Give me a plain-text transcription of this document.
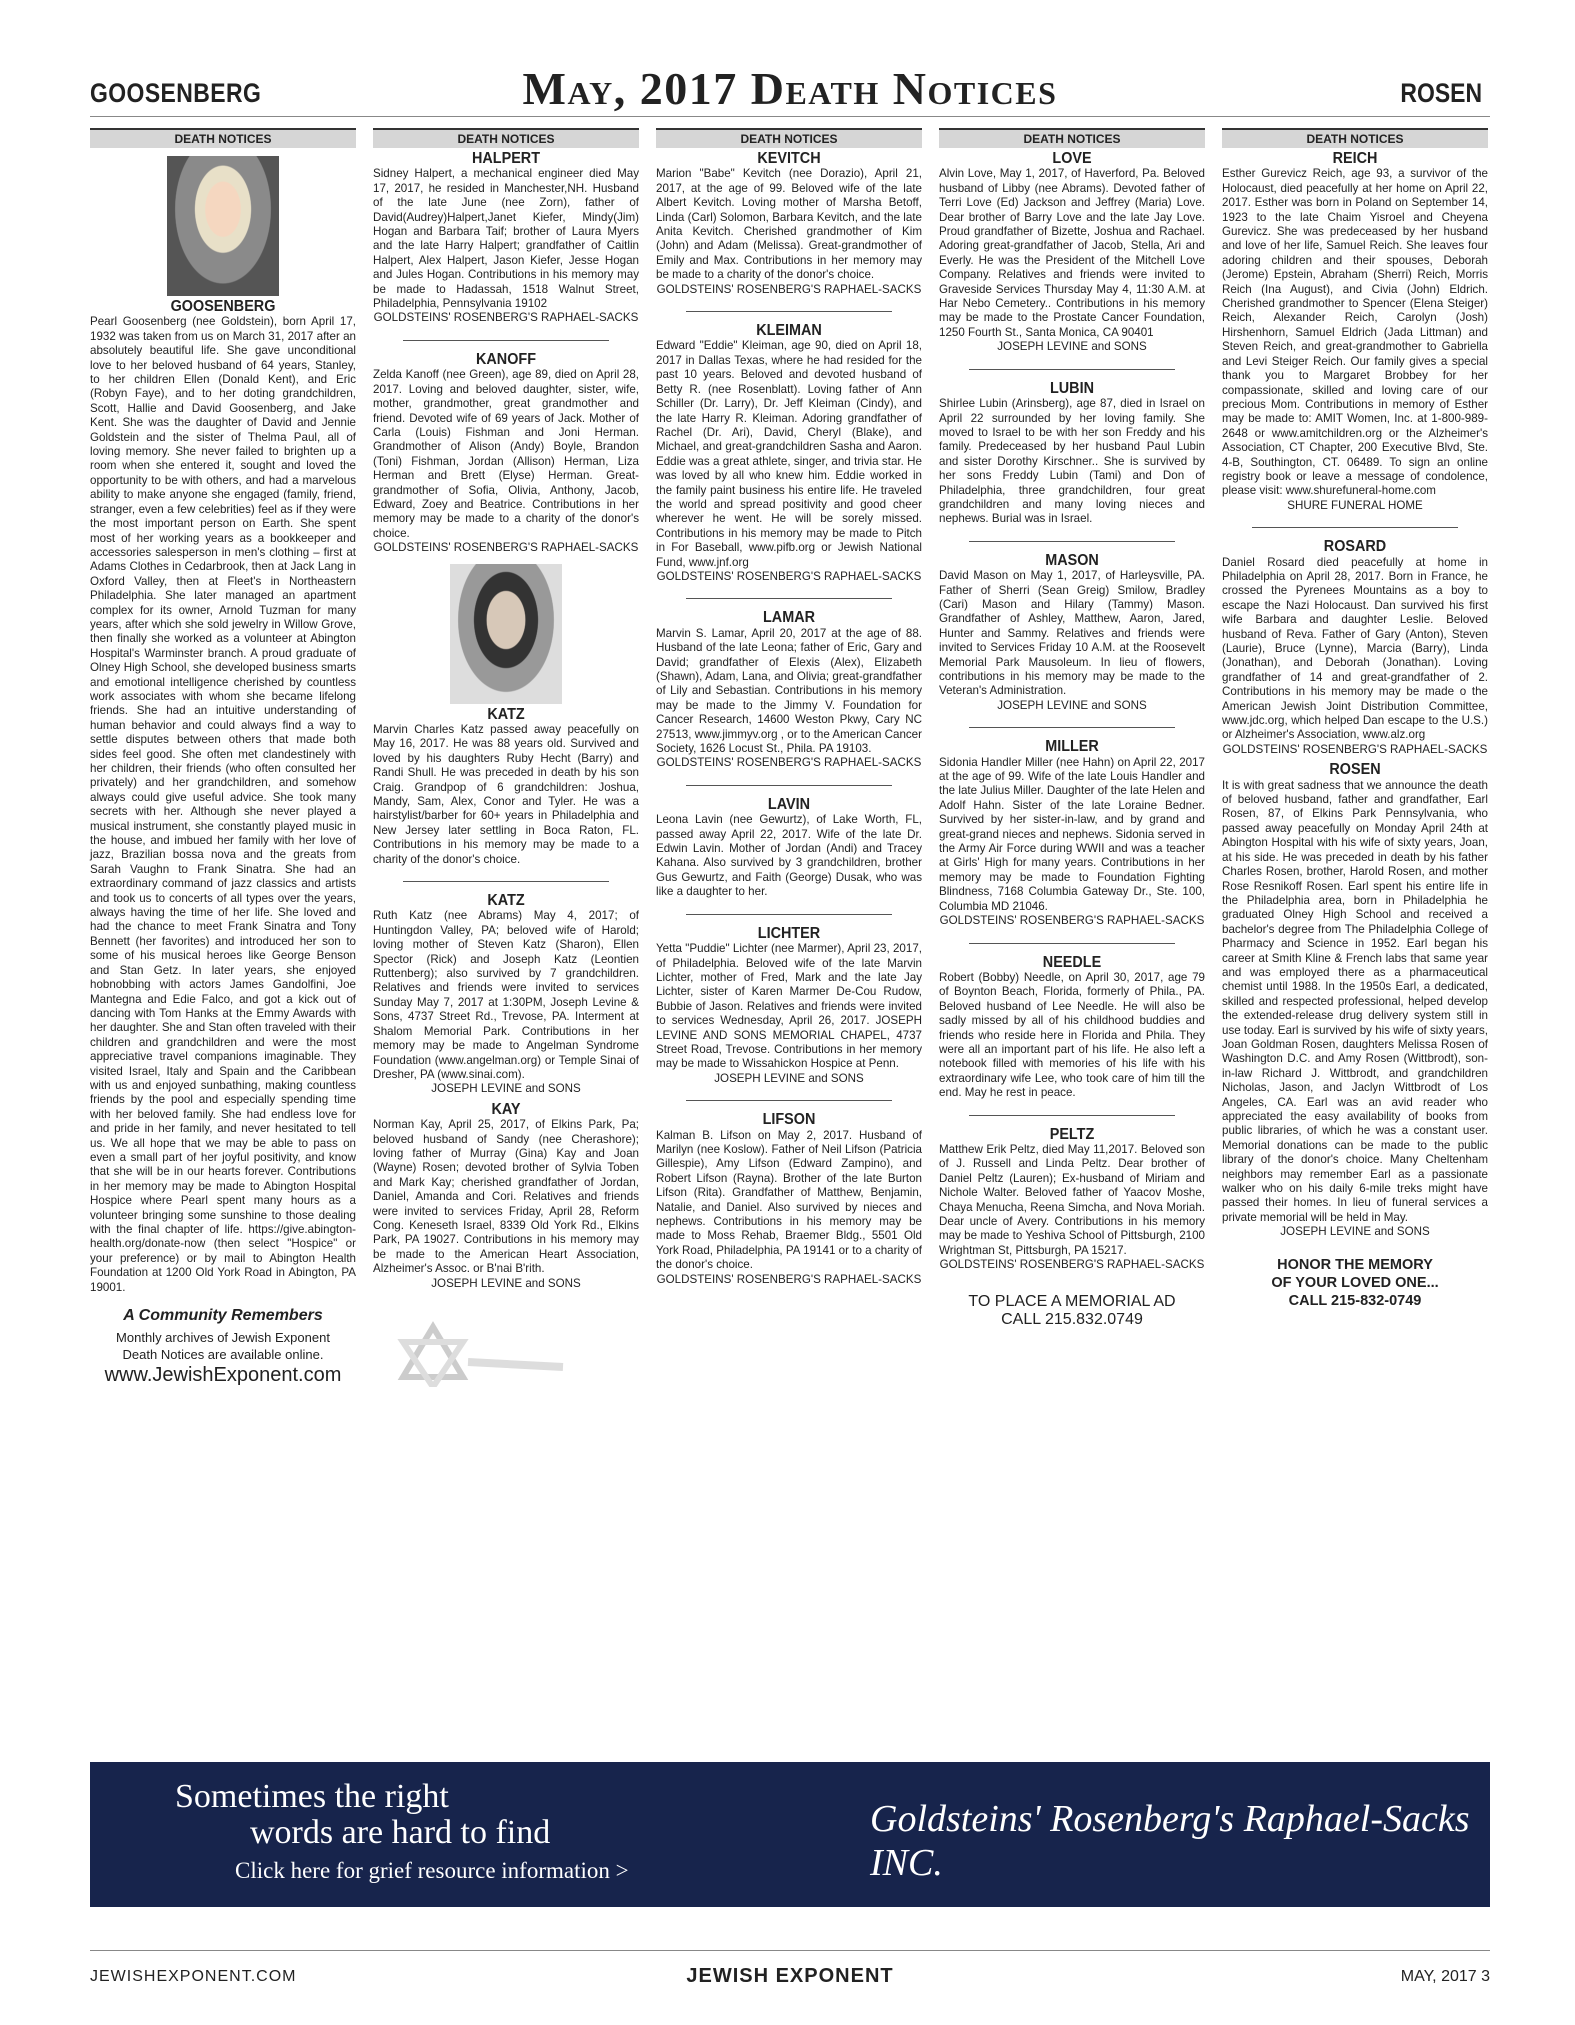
GOOSENBERG	May, 2017 Death Notices	ROSEN
DEATH NOTICES
GOOSENBERG

Pearl Goosenberg (nee Goldstein), born April 17, 1932 was taken from us on March 31, 2017 after an absolutely beautiful life. She gave unconditional love to her beloved husband of 64 years, Stanley, to her children Ellen (Donald Kent), and Eric (Robyn Faye), and to her doting grandchildren, Scott, Hallie and David Goosenberg, and Jake Kent. She was the daughter of David and Jennie Goldstein and the sister of Thelma Paul, all of loving memory. She never failed to brighten up a room when she entered it, sought and loved the opportunity to be with others, and had a marvelous ability to make anyone she engaged (family, friend, stranger, even a few celebrities) feel as if they were the most important person on Earth. She spent most of her working years as a bookkeeper and accessories salesperson in men's clothing – first at Adams Clothes in Cedarbrook, then at Jack Lang in Oxford Valley, then at Fleet's in Northeastern Philadelphia. She later managed an apartment complex for its owner, Arnold Tuzman for many years, after which she sold jewelry in Willow Grove, then finally she worked as a volunteer at Abington Hospital's Warminster branch. A proud graduate of Olney High School, she developed business smarts and emotional intelligence cherished by countless work associates with whom she became lifelong friends. She had an intuitive understanding of human behavior and could always find a way to settle disputes between others that made both sides feel good. She often met clandestinely with her children, their friends (who often consulted her privately) and her grandchildren, and somehow always could give useful advice. She took many secrets with her. Although she never played a musical instrument, she constantly played music in the house, and imbued her family with her love of jazz, Brazilian bossa nova and the greats from Sarah Vaughn to Frank Sinatra. She had an extraordinary command of jazz classics and artists and took us to concerts of all types over the years, always having the time of her life. She loved and had the chance to meet Frank Sinatra and Tony Bennett (her favorites) and introduced her son to some of his musical heroes like George Benson and Stan Getz. In later years, she enjoyed hobnobbing with actors James Gandolfini, Joe Mantegna and Edie Falco, and got a kick out of dancing with Tom Hanks at the Emmy Awards with her daughter. She and Stan often traveled with their children and grandchildren and were the most appreciative travel companions imaginable. They visited Israel, Italy and Spain and the Caribbean with us and enjoyed sunbathing, making countless friends by the pool and especially spending time with her beloved family. She had endless love for and pride in her family, and never hesitated to tell us. We all hope that we may be able to pass on even a small part of her joyful positivity, and know that she will be in our hearts forever. Contributions in her memory may be made to Abington Hospital Hospice where Pearl spent many hours as a volunteer bringing some sunshine to those dealing with the final chapter of life. https://give.abington-health.org/donate-now (then select "Hospice" or your preference) or by mail to Abington Health Foundation at 1200 Old York Road in Abington, PA 19001.

A Community Remembers

Monthly archives of Jewish Exponent

Death Notices are available online.

www.JewishExponent.com

DEATH NOTICES
HALPERT

Sidney Halpert, a mechanical engineer died May 17, 2017, he resided in Manchester,NH. Husband of the late June (nee Zorn), father of David(Audrey)Halpert,Janet Kiefer, Mindy(Jim) Hogan and Barbara Taif; brother of Laura Myers and the late Harry Halpert; grandfather of Caitlin Halpert, Alex Halpert, Jason Kiefer, Jesse Hogan and Jules Hogan. Contributions in his memory may be made to Hadassah, 1518 Walnut Street, Philadelphia, Pennsylvania 19102

GOLDSTEINS' ROSENBERG'S RAPHAEL-SACKS

KANOFF

Zelda Kanoff (nee Green), age 89, died on April 28, 2017. Loving and beloved daughter, sister, wife, mother, grandmother, great grandmother and friend. Devoted wife of 69 years of Jack. Mother of Carla (Louis) Fishman and Joni Herman. Grandmother of Alison (Andy) Boyle, Brandon (Toni) Fishman, Jordan (Allison) Herman, Liza Herman and Brett (Elyse) Herman. Great-grandmother of Sofia, Olivia, Anthony, Jacob, Edward, Zoey and Beatrice. Contributions in her memory may be made to a charity of the donor's choice.

GOLDSTEINS' ROSENBERG'S RAPHAEL-SACKS

KATZ

Marvin Charles Katz passed away peacefully on May 16, 2017. He was 88 years old. Survived and loved by his daughters Ruby Hecht (Barry) and Randi Shull. He was preceded in death by his son Craig. Grandpop of 6 grandchildren: Joshua, Mandy, Sam, Alex, Conor and Tyler. He was a hairstylist/barber for 60+ years in Philadelphia and New Jersey later settling in Boca Raton, FL. Contributions in his memory may be made to a charity of the donor's choice.

KATZ

Ruth Katz (nee Abrams) May 4, 2017; of Huntingdon Valley, PA; beloved wife of Harold; loving mother of Steven Katz (Sharon), Ellen Spector (Rick) and Joseph Katz (Leontien Ruttenberg); also survived by 7 grandchildren. Relatives and friends were invited to services Sunday May 7, 2017 at 1:30PM, Joseph Levine & Sons, 4737 Street Rd., Trevose, PA. Interment at Shalom Memorial Park. Contributions in her memory may be made to Angelman Syndrome Foundation (www.angelman.org) or Temple Sinai of Dresher, PA (www.sinai.com).

JOSEPH LEVINE and SONS

KAY

Norman Kay, April 25, 2017, of Elkins Park, Pa; beloved husband of Sandy (nee Cherashore); loving father of Murray (Gina) Kay and Joan (Wayne) Rosen; devoted brother of Sylvia Toben and Mark Kay; cherished grandfather of Jordan, Daniel, Amanda and Cori. Relatives and friends were invited to services Friday, April 28, Reform Cong. Keneseth Israel, 8339 Old York Rd., Elkins Park, PA 19027. Contributions in his memory may be made to the American Heart Association, Alzheimer's Assoc. or B'nai B'rith.

JOSEPH LEVINE and SONS

DEATH NOTICES
KEVITCH

Marion "Babe" Kevitch (nee Dorazio), April 21, 2017, at the age of 99. Beloved wife of the late Albert Kevitch. Loving mother of Marsha Betoff, Linda (Carl) Solomon, Barbara Kevitch, and the late Anita Kevitch. Cherished grandmother of Kim (John) and Adam (Melissa). Great-grandmother of Emily and Max. Contributions in her memory may be made to a charity of the donor's choice.

GOLDSTEINS' ROSENBERG'S RAPHAEL-SACKS

KLEIMAN

Edward "Eddie" Kleiman, age 90, died on April 18, 2017 in Dallas Texas, where he had resided for the past 10 years. Beloved and devoted husband of Betty R. (nee Rosenblatt). Loving father of Ann Schiller (Dr. Larry), Dr. Jeff Kleiman (Cindy), and the late Harry R. Kleiman. Adoring grandfather of Rachel (Dr. Ari), David, Cheryl (Blake), and Michael, and great-grandchildren Sasha and Aaron. Eddie was a great athlete, singer, and trivia star. He was loved by all who knew him. Eddie worked in the family paint business his entire life. He traveled the world and spread positivity and good cheer wherever he went. He will be sorely missed. Contributions in his memory may be made to Pitch in For Baseball, www.pifb.org or Jewish National Fund, www.jnf.org

GOLDSTEINS' ROSENBERG'S RAPHAEL-SACKS

LAMAR

Marvin S. Lamar, April 20, 2017 at the age of 88. Husband of the late Leona; father of Eric, Gary and David; grandfather of Elexis (Alex), Elizabeth (Shawn), Adam, Lana, and Olivia; great-grandfather of Lily and Sebastian. Contributions in his memory may be made to the Jimmy V. Foundation for Cancer Research, 14600 Weston Pkwy, Cary NC 27513, www.jimmyv.org , or to the American Cancer Society, 1626 Locust St., Phila. PA 19103.

GOLDSTEINS' ROSENBERG'S RAPHAEL-SACKS

LAVIN

Leona Lavin (nee Gewurtz), of Lake Worth, FL, passed away April 22, 2017. Wife of the late Dr. Edwin Lavin. Mother of Jordan (Andi) and Tracey Kahana. Also survived by 3 grandchildren, brother Gus Gewurtz, and Faith (George) Dusak, who was like a daughter to her.

LICHTER

Yetta "Puddie" Lichter (nee Marmer), April 23, 2017, of Philadelphia. Beloved wife of the late Marvin Lichter, mother of Fred, Mark and the late Jay Lichter, sister of Karen Marmer De-Cou Rudow, Bubbie of Jason. Relatives and friends were invited to services Wednesday, April 26, 2017. JOSEPH LEVINE AND SONS MEMORIAL CHAPEL, 4737 Street Road, Trevose. Contributions in her memory may be made to Wissahickon Hospice at Penn.

JOSEPH LEVINE and SONS

LIFSON

Kalman B. Lifson on May 2, 2017. Husband of Marilyn (nee Koslow). Father of Neil Lifson (Patricia Gillespie), Amy Lifson (Edward Zampino), and Robert Lifson (Rayna). Brother of the late Burton Lifson (Rita). Grandfather of Matthew, Benjamin, Natalie, and Daniel. Also survived by nieces and nephews. Contributions in his memory may be made to Moss Rehab, Braemer Bldg., 5501 Old York Road, Philadelphia, PA 19141 or to a charity of the donor's choice.

GOLDSTEINS' ROSENBERG'S RAPHAEL-SACKS

DEATH NOTICES
LOVE

Alvin Love, May 1, 2017, of Haverford, Pa. Beloved husband of Libby (nee Abrams). Devoted father of Terri Love (Ed) Jackson and Jeffrey (Maria) Love. Dear brother of Barry Love and the late Jay Love. Proud grandfather of Bizette, Joshua and Rachael. Adoring great-grandfather of Jacob, Stella, Ari and Everly. He was the President of the Mitchell Love Company. Relatives and friends were invited to Graveside Services Thursday May 4, 11:30 A.M. at Har Nebo Cemetery.. Contributions in his memory may be made to the Prostate Cancer Foundation, 1250 Fourth St., Santa Monica, CA 90401

JOSEPH LEVINE and SONS

LUBIN

Shirlee Lubin (Arinsberg), age 87, died in Israel on April 22 surrounded by her loving family. She moved to Israel to be with her son Freddy and his family. Predeceased by her husband Paul Lubin and sister Dorothy Kirschner.. She is survived by her sons Freddy Lubin (Tami) and Don of Philadelphia, three grandchildren, four great grandchildren and many loving nieces and nephews. Burial was in Israel.

MASON

David Mason on May 1, 2017, of Harleysville, PA. Father of Sherri (Sean Greig) Smilow, Bradley (Cari) Mason and Hilary (Tammy) Mason. Grandfather of Ashley, Matthew, Aaron, Jared, Hunter and Sammy. Relatives and friends were invited to Services Friday 10 A.M. at the Roosevelt Memorial Park Mausoleum. In lieu of flowers, contributions in his memory may be made to the Veteran's Administration.

JOSEPH LEVINE and SONS

MILLER

Sidonia Handler Miller (nee Hahn) on April 22, 2017 at the age of 99. Wife of the late Louis Handler and the late Julius Miller. Daughter of the late Helen and Adolf Hahn. Sister of the late Loraine Bedner. Survived by her sister-in-law, and by grand and great-grand nieces and nephews. Sidonia served in the Army Air Force during WWII and was a teacher at Girls' High for many years. Contributions in her memory may be made to Foundation Fighting Blindness, 7168 Columbia Gateway Dr., Ste. 100, Columbia MD 21046.

GOLDSTEINS' ROSENBERG'S RAPHAEL-SACKS

NEEDLE

Robert (Bobby) Needle, on April 30, 2017, age 79 of Boynton Beach, Florida, formerly of Phila., PA. Beloved husband of Lee Needle. He will also be sadly missed by all of his childhood buddies and friends who reside here in Florida and Phila. They were all an important part of his life. He also left a notebook filled with memories of his life with his extraordinary wife Lee, who took care of him till the end. May he rest in peace.

PELTZ

Matthew Erik Peltz, died May 11,2017. Beloved son of J. Russell and Linda Peltz. Dear brother of Daniel Peltz (Lauren); Ex-husband of Miriam and Nichole Walter. Beloved father of Yaacov Moshe, Chaya Menucha, Reena Simcha, and Nova Moriah. Dear uncle of Avery. Contributions in his memory may be made to Yeshiva School of Pittsburgh, 2100 Wrightman St, Pittsburgh, PA 15217.

GOLDSTEINS' ROSENBERG'S RAPHAEL-SACKS

TO PLACE A MEMORIAL AD
CALL 215.832.0749
DEATH NOTICES
REICH

Esther Gurevicz Reich, age 93, a survivor of the Holocaust, died peacefully at her home on April 22, 2017. Esther was born in Poland on September 14, 1923 to the late Chaim Yisroel and Cheyena Gurevicz. She was predeceased by her husband and love of her life, Samuel Reich. She leaves four adoring children and their spouses, Deborah (Jerome) Epstein, Abraham (Sherri) Reich, Morris Reich (Ina August), and Civia (John) Eldrich. Cherished grandmother to Spencer (Elena Steiger) Reich, Alexander Reich, Carolyn (Josh) Hirshenhorn, Samuel Eldrich (Jada Littman) and Steven Reich, and great-grandmother to Gabriella and Levi Steiger Reich. Our family gives a special thank you to Margaret Brobbey for her compassionate, skilled and loving care of our precious Mom. Contributions in memory of Esther may be made to: AMIT Women, Inc. at 1-800-989-2648 or www.amitchildren.org or the Alzheimer's Association, CT Chapter, 200 Executive Blvd, Ste. 4-B, Southington, CT. 06489. To sign an online registry book or leave a message of condolence, please visit: www.shurefuneral-home.com

SHURE FUNERAL HOME

ROSARD

Daniel Rosard died peacefully at home in Philadelphia on April 28, 2017. Born in France, he crossed the Pyrenees Mountains as a boy to escape the Nazi Holocaust. Dan survived his first wife Barbara and daughter Leslie. Beloved husband of Reva. Father of Gary (Anton), Steven (Laurie), Bruce (Lynne), Marcia (Barry), Linda (Jonathan), and Deborah (Jonathan). Loving grandfather of 14 and great-grandfather of 2. Contributions in his memory may be made o the American Jewish Joint Distribution Committee, www.jdc.org, which helped Dan escape to the U.S.) or Alzheimer's Association, www.alz.org

GOLDSTEINS' ROSENBERG'S RAPHAEL-SACKS

ROSEN

It is with great sadness that we announce the death of beloved husband, father and grandfather, Earl Rosen, 87, of Elkins Park Pennsylvania, who passed away peacefully on Monday April 24th at Abington Hospital with his wife of sixty years, Joan, at his side. He was preceded in death by his father Charles Rosen, brother, Harold Rosen, and mother Rose Resnikoff Rosen. Earl spent his entire life in the Philadelphia area, born in Philadelphia he graduated Olney High School and received a bachelor's degree from The Philadelphia College of Pharmacy and Science in 1952. Earl began his career at Smith Kline & French labs that same year and was employed there as a pharmaceutical chemist until 1988. In the 1950s Earl, a dedicated, skilled and respected professional, helped develop the extended-release drug delivery system still in use today. Earl is survived by his wife of sixty years, Joan Goldman Rosen, daughters Melissa Rosen of Washington D.C. and Amy Rosen (Wittbrodt), son-in-law Richard J. Wittbrodt, and grandchildren Nicholas, Jason, and Jaclyn Wittbrodt of Los Angeles, CA. Earl was an avid reader who appreciated the easy availability of books from public libraries, of which he was a constant user. Memorial donations can be made to the public library of the donor's choice. Many Cheltenham neighbors may remember Earl as a passionate walker who on his daily 6-mile treks might have passed their homes. In lieu of funeral services a private memorial will be held in May.

JOSEPH LEVINE and SONS

HONOR THE MEMORY
OF YOUR LOVED ONE...
CALL 215-832-0749
Sometimes the right
words are hard to find
Click here for grief resource information >
Goldsteins' Rosenberg's Raphael-Sacks INC.
JEWISHEXPONENT.COM	JEWISH EXPONENT	MAY, 2017 3
